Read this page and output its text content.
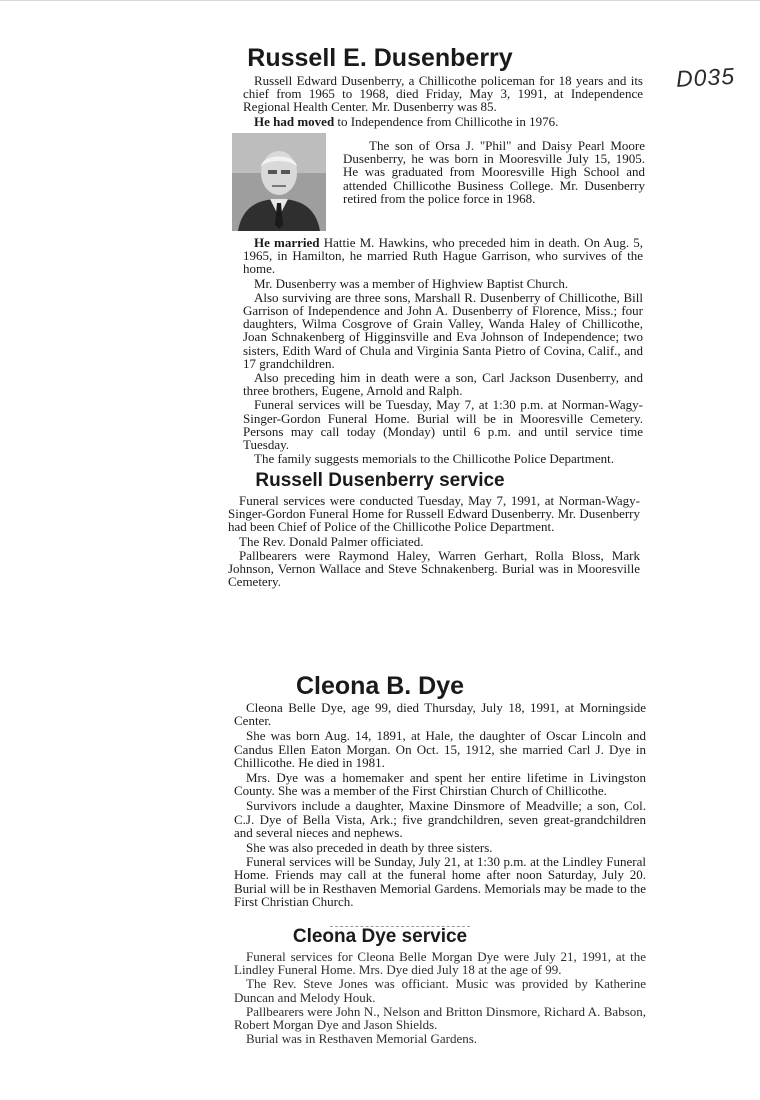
D035
Russell E. Dusenberry

Russell Edward Dusenberry, a Chillicothe policeman for 18 years and its chief from 1965 to 1968, died Friday, May 3, 1991, at Independence Regional Health Center. Mr. Dusenberry was 85.

He had moved to Independence from Chillicothe in 1976.

The son of Orsa J. "Phil" and Daisy Pearl Moore Dusenberry, he was born in Mooresville July 15, 1905. He was graduated from Mooresville High School and attended Chillicothe Business College. Mr. Dusenberry retired from the police force in 1968.

He married Hattie M. Hawkins, who preceded him in death. On Aug. 5, 1965, in Hamilton, he married Ruth Hague Garrison, who survives of the home.

Mr. Dusenberry was a member of Highview Baptist Church.

Also surviving are three sons, Marshall R. Dusenberry of Chillicothe, Bill Garrison of Independence and John A. Dusenberry of Florence, Miss.; four daughters, Wilma Cosgrove of Grain Valley, Wanda Haley of Chillicothe, Joan Schnakenberg of Higginsville and Eva Johnson of Independence; two sisters, Edith Ward of Chula and Virginia Santa Pietro of Covina, Calif., and 17 grandchildren.

Also preceding him in death were a son, Carl Jackson Dusenberry, and three brothers, Eugene, Arnold and Ralph.

Funeral services will be Tuesday, May 7, at 1:30 p.m. at Norman-Wagy-Singer-Gordon Funeral Home. Burial will be in Mooresville Cemetery. Persons may call today (Monday) until 6 p.m. and until service time Tuesday.

The family suggests memorials to the Chillicothe Police Department.

Russell Dusenberry service

Funeral services were conducted Tuesday, May 7, 1991, at Norman-Wagy-Singer-Gordon Funeral Home for Russell Edward Dusenberry. Mr. Dusenberry had been Chief of Police of the Chillicothe Police Department.

The Rev. Donald Palmer officiated.

Pallbearers were Raymond Haley, Warren Gerhart, Rolla Bloss, Mark Johnson, Vernon Wallace and Steve Schnakenberg. Burial was in Mooresville Cemetery.

Cleona B. Dye

Cleona Belle Dye, age 99, died Thursday, July 18, 1991, at Morningside Center.

She was born Aug. 14, 1891, at Hale, the daughter of Oscar Lincoln and Candus Ellen Eaton Morgan. On Oct. 15, 1912, she married Carl J. Dye in Chillicothe. He died in 1981.

Mrs. Dye was a homemaker and spent her entire lifetime in Livingston County. She was a member of the First Chirstian Church of Chillicothe.

Survivors include a daughter, Maxine Dinsmore of Meadville; a son, Col. C.J. Dye of Bella Vista, Ark.; five grandchildren, seven great-grandchildren and several nieces and nephews.

She was also preceded in death by three sisters.

Funeral services will be Sunday, July 21, at 1:30 p.m. at the Lindley Funeral Home. Friends may call at the funeral home after noon Saturday, July 20. Burial will be in Resthaven Memorial Gardens. Memorials may be made to the First Christian Church.

Cleona Dye service

Funeral services for Cleona Belle Morgan Dye were July 21, 1991, at the Lindley Funeral Home. Mrs. Dye died July 18 at the age of 99.

The Rev. Steve Jones was officiant. Music was provided by Katherine Duncan and Melody Houk.

Pallbearers were John N., Nelson and Britton Dinsmore, Richard A. Babson, Robert Morgan Dye and Jason Shields.

Burial was in Resthaven Memorial Gardens.
